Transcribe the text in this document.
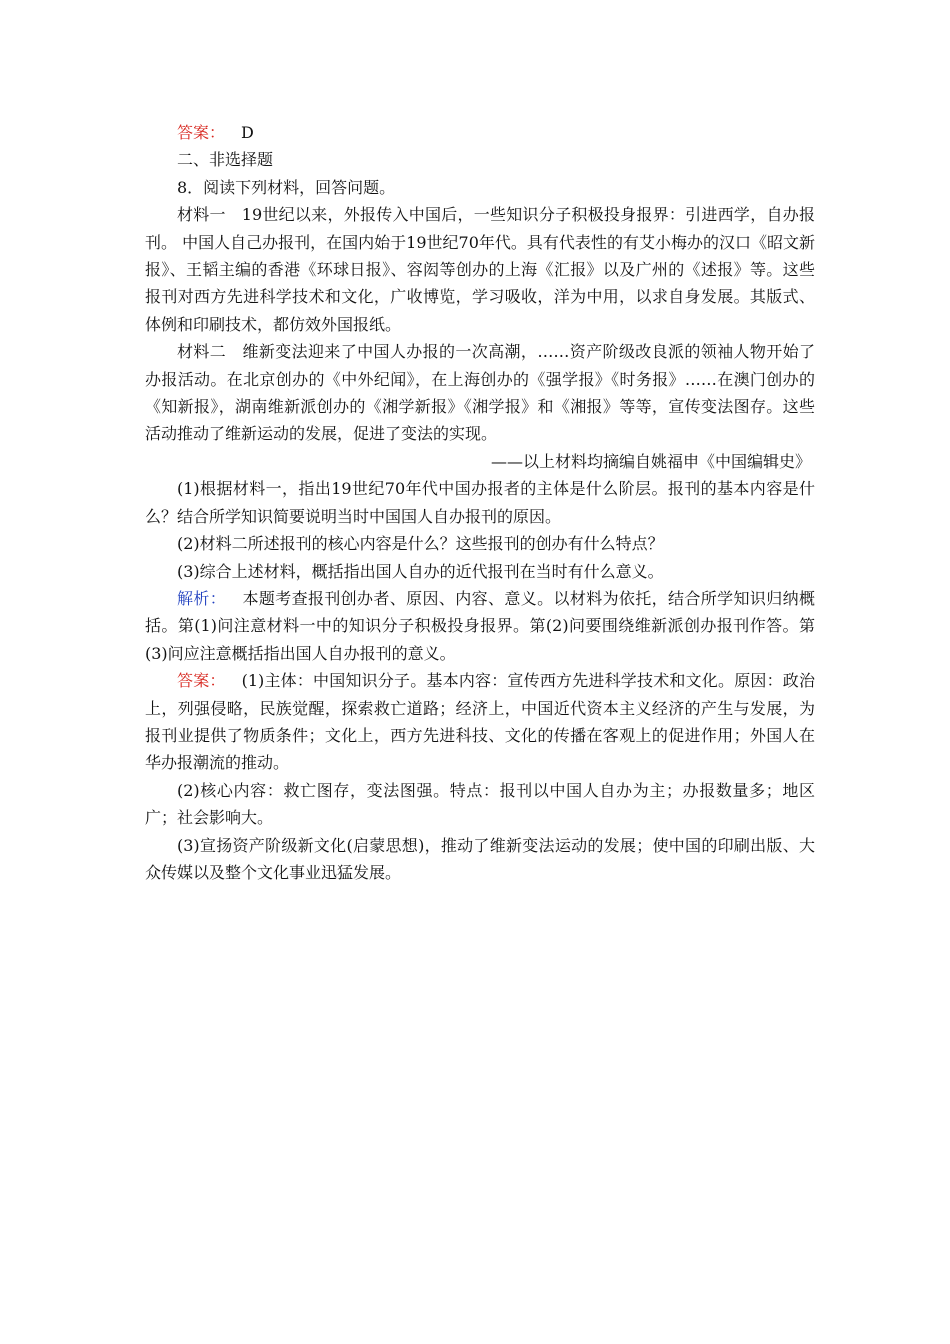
答案： D

二、非选择题

8．阅读下列材料，回答问题。

材料一 19世纪以来，外报传入中国后，一些知识分子积极投身报界：引进西学，自办报刊。 中国人自己办报刊，在国内始于19世纪70年代。具有代表性的有艾小梅办的汉口《昭文新报》、王韬主编的香港《环球日报》、容闳等创办的上海《汇报》以及广州的《述报》等。这些报刊对西方先进科学技术和文化，广收博览，学习吸收，洋为中用，以求自身发展。其版式、体例和印刷技术，都仿效外国报纸。

材料二 维新变法迎来了中国人办报的一次高潮，……资产阶级改良派的领袖人物开始了办报活动。在北京创办的《中外纪闻》，在上海创办的《强学报》《时务报》……在澳门创办的《知新报》，湖南维新派创办的《湘学新报》《湘学报》和《湘报》等等，宣传变法图存。这些活动推动了维新运动的发展，促进了变法的实现。

——以上材料均摘编自姚福申《中国编辑史》

(1)根据材料一，指出19世纪70年代中国办报者的主体是什么阶层。报刊的基本内容是什么？结合所学知识简要说明当时中国国人自办报刊的原因。

(2)材料二所述报刊的核心内容是什么？这些报刊的创办有什么特点？

(3)综合上述材料，概括指出国人自办的近代报刊在当时有什么意义。

解析： 本题考查报刊创办者、原因、内容、意义。以材料为依托，结合所学知识归纳概括。第(1)问注意材料一中的知识分子积极投身报界。第(2)问要围绕维新派创办报刊作答。第(3)问应注意概括指出国人自办报刊的意义。

答案： (1)主体：中国知识分子。基本内容：宣传西方先进科学技术和文化。原因：政治上，列强侵略，民族觉醒，探索救亡道路；经济上，中国近代资本主义经济的产生与发展，为报刊业提供了物质条件；文化上，西方先进科技、文化的传播在客观上的促进作用；外国人在华办报潮流的推动。

(2)核心内容：救亡图存，变法图强。特点：报刊以中国人自办为主；办报数量多；地区广；社会影响大。

(3)宣扬资产阶级新文化(启蒙思想)，推动了维新变法运动的发展；使中国的印刷出版、大众传媒以及整个文化事业迅猛发展。
